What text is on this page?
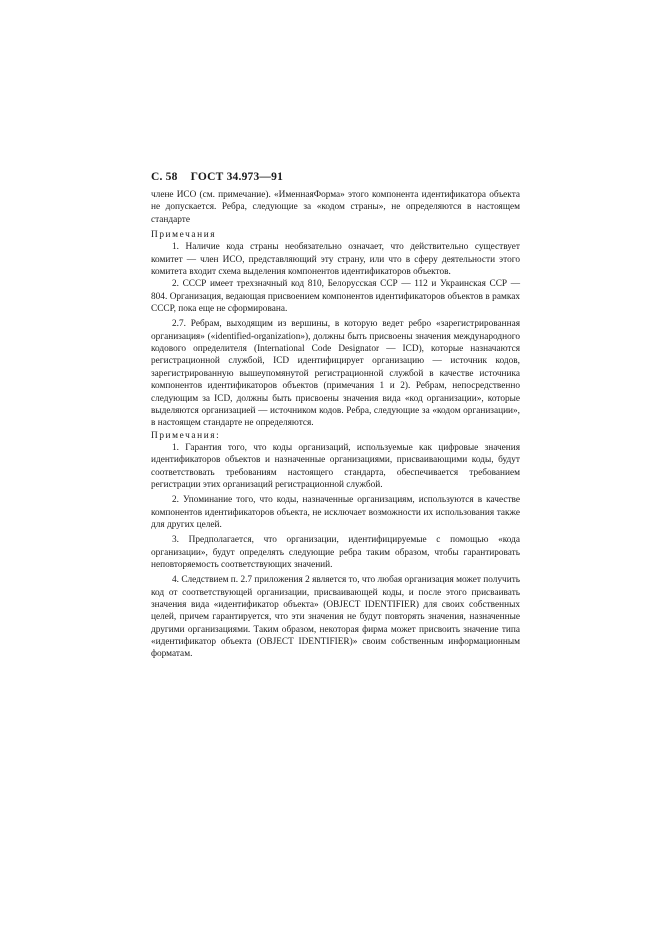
С. 58 ГОСТ 34.973—91

члене ИСО (см. примечание). «ИменнаяФорма» этого компонента идентификатора объекта не допускается. Ребра, следующие за «кодом страны», не определяются в настоящем стандарте

Примечания

1. Наличие кода страны необязательно означает, что действительно существует комитет — член ИСО, представляющий эту страну, или что в сферу деятельности этого комитета входит схема выделения компонентов идентификаторов объектов.

2. СССР имеет трехзначный код 810, Белорусская ССР — 112 и Украинская ССР — 804. Организация, ведающая присвоением компонентов идентификаторов объектов в рамках СССР, пока еще не сформирована.

2.7. Ребрам, выходящим из вершины, в которую ведет ребро «зарегистрированная организация» («identified-organization»), должны быть присвоены значения международного кодового определителя (International Code Designator — ICD), которые назначаются регистрационной службой, ICD идентифицирует организацию — источник кодов, зарегистрированную вышеупомянутой регистрационной службой в качестве источника компонентов идентификаторов объектов (примечания 1 и 2). Ребрам, непосредственно следующим за ICD, должны быть присвоены значения вида «код организации», которые выделяются организацией — источником кодов. Ребра, следующие за «кодом организации», в настоящем стандарте не определяются.

Примечания:

1. Гарантия того, что коды организаций, используемые как цифровые значения идентификаторов объектов и назначенные организациями, присваивающими коды, будут соответствовать требованиям настоящего стандарта, обеспечивается требованием регистрации этих организаций регистрационной службой.

2. Упоминание того, что коды, назначенные организациям, используются в качестве компонентов идентификаторов объекта, не исключает возможности их использования также для других целей.

3. Предполагается, что организации, идентифицируемые с помощью «кода организации», будут определять следующие ребра таким образом, чтобы гарантировать неповторяемость соответствующих значений.

4. Следствием п. 2.7 приложения 2 является то, что любая организация может получить код от соответствующей организации, присваивающей коды, и после этого присваивать значения вида «идентификатор объекта» (OBJECT IDENTIFIER) для своих собственных целей, причем гарантируется, что эти значения не будут повторять значения, назначенные другими организациями. Таким образом, некоторая фирма может присвоить значение типа «идентификатор объекта (OBJECT IDENTIFIER)» своим собственным информационным форматам.
